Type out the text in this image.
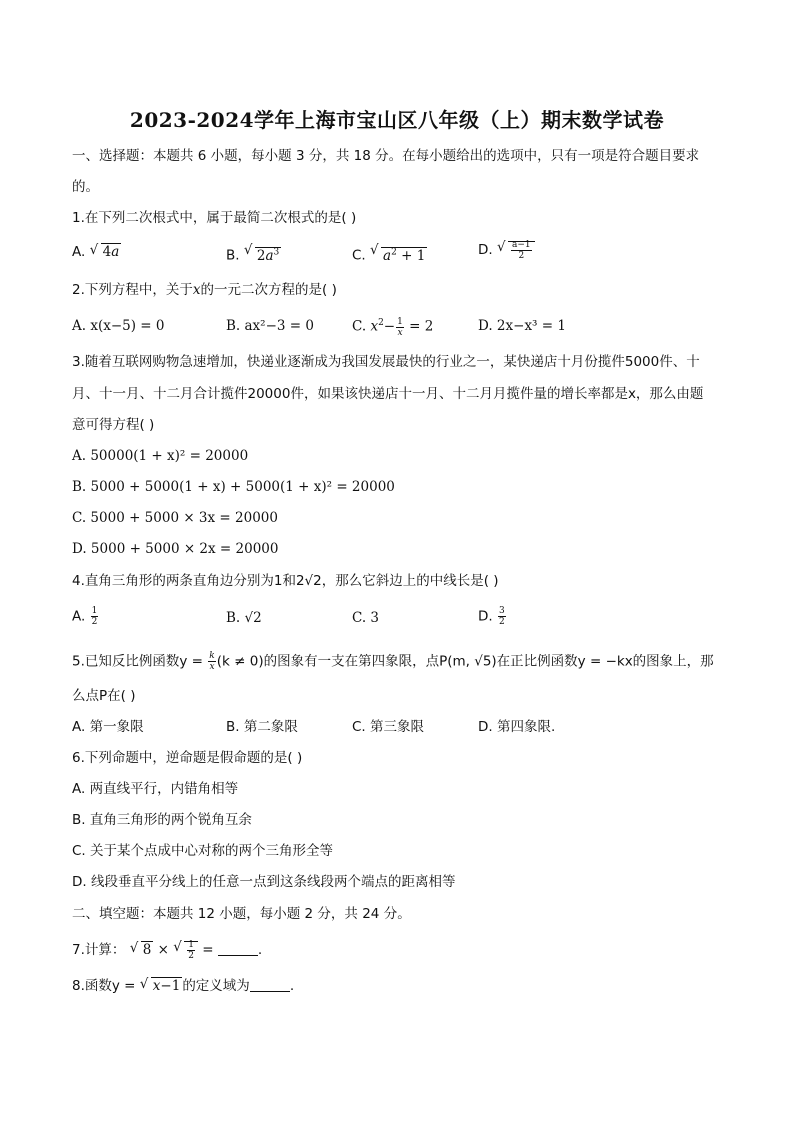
2023-2024学年上海市宝山区八年级（上）期末数学试卷
一、选择题：本题共 6 小题，每小题 3 分，共 18 分。在每小题给出的选项中，只有一项是符合题目要求
的。
1.在下列二次根式中，属于最简二次根式的是( )
A. √ 4a	B. √ $2a^3$	C. √ $a^2 + 1$	D. √ $\frac{a-1}{2}$
2.下列方程中，关于x的一元二次方程的是( )
A. x(x−5) = 0	B. ax²−3 = 0	C. $x^2- \frac{1}{x} = 2$	D. 2x−x³ = 1
3.随着互联网购物急速增加，快递业逐渐成为我国发展最快的行业之一，某快递店十月份揽件5000件、十
月、十一月、十二月合计揽件20000件，如果该快递店十一月、十二月月揽件量的增长率都是x，那么由题
意可得方程( )
A. 50000(1 + x)² = 20000
B. 5000 + 5000(1 + x) + 5000(1 + x)² = 20000
C. 5000 + 5000 × 3x = 20000
D. 5000 + 5000 × 2x = 20000
4.直角三角形的两条直角边分别为1和2√2，那么它斜边上的中线长是( )
A. $\frac{1}{2}$	B. √2	C. 3	D. $\frac{3}{2}$
5.已知反比例函数$y = \frac{k}{x} (k \ne 0)$的图象有一支在第四象限，点P(m, √5)在正比例函数y = −kx的图象上，那
么点P在( )
A. 第一象限	B. 第二象限	C. 第三象限	D. 第四象限.
6.下列命题中，逆命题是假命题的是( )
A. 两直线平行，内错角相等
B. 直角三角形的两个锐角互余
C. 关于某个点成中心对称的两个三角形全等
D. 线段垂直平分线上的任意一点到这条线段两个端点的距离相等
二、填空题：本题共 12 小题，每小题 2 分，共 24 分。
7.计算： √ 8 × √ $\frac{1}{2}$ =	.
8.函数y = √ x−1 的定义域为	.
